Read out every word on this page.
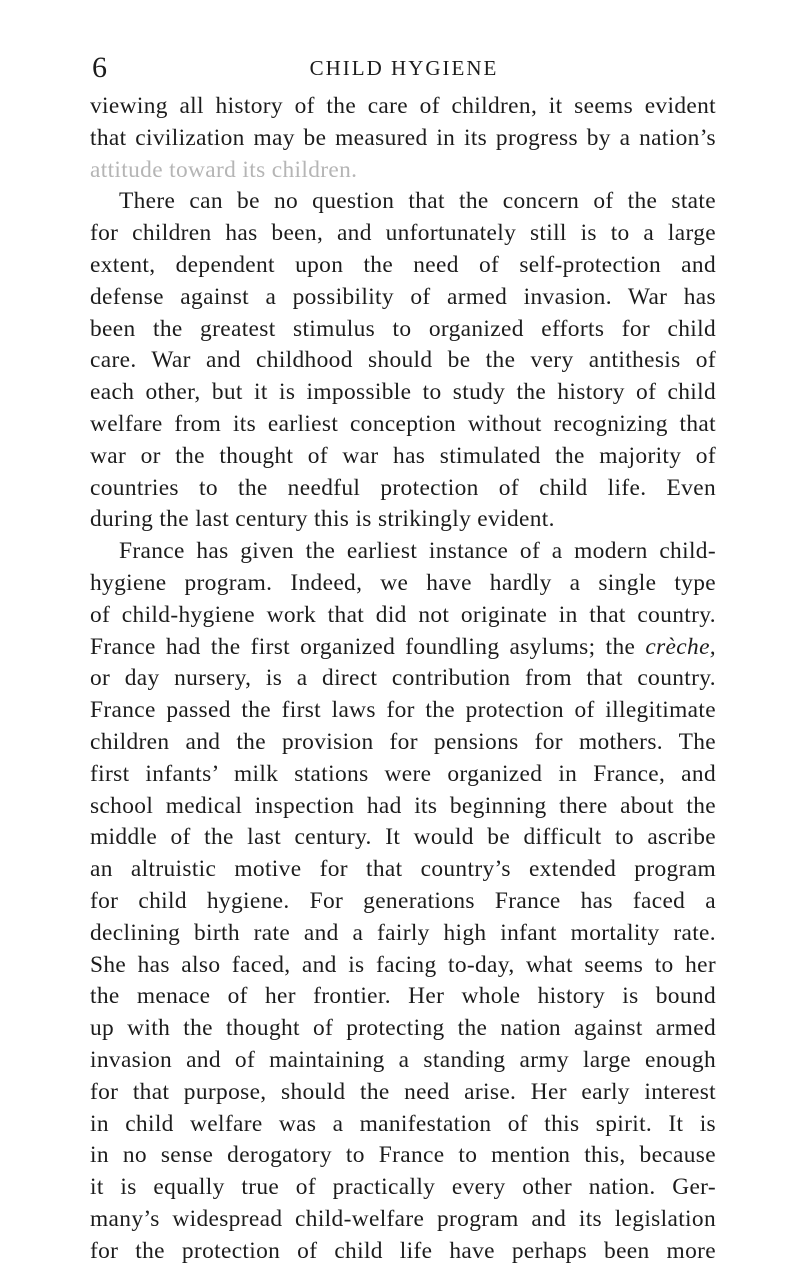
6	CHILD HYGIENE
viewing all history of the care of children, it seems evident
that civilization may be measured in its progress by a nation’s
attitude toward its children.
There can be no question that the concern of the state
for children has been, and unfortunately still is to a large
extent, dependent upon the need of self-protection and
defense against a possibility of armed invasion. War has
been the greatest stimulus to organized efforts for child
care. War and childhood should be the very antithesis of
each other, but it is impossible to study the history of child
welfare from its earliest conception without recognizing that
war or the thought of war has stimulated the majority of
countries to the needful protection of child life. Even
during the last century this is strikingly evident.
France has given the earliest instance of a modern child-
hygiene program. Indeed, we have hardly a single type
of child-hygiene work that did not originate in that country.
France had the first organized foundling asylums; the crèche,
or day nursery, is a direct contribution from that country.
France passed the first laws for the protection of illegitimate
children and the provision for pensions for mothers. The
first infants’ milk stations were organized in France, and
school medical inspection had its beginning there about the
middle of the last century. It would be difficult to ascribe
an altruistic motive for that country’s extended program
for child hygiene. For generations France has faced a
declining birth rate and a fairly high infant mortality rate.
She has also faced, and is facing to-day, what seems to her
the menace of her frontier. Her whole history is bound
up with the thought of protecting the nation against armed
invasion and of maintaining a standing army large enough
for that purpose, should the need arise. Her early interest
in child welfare was a manifestation of this spirit. It is
in no sense derogatory to France to mention this, because
it is equally true of practically every other nation. Ger-
many’s widespread child-welfare program and its legislation
for the protection of child life have perhaps been more
